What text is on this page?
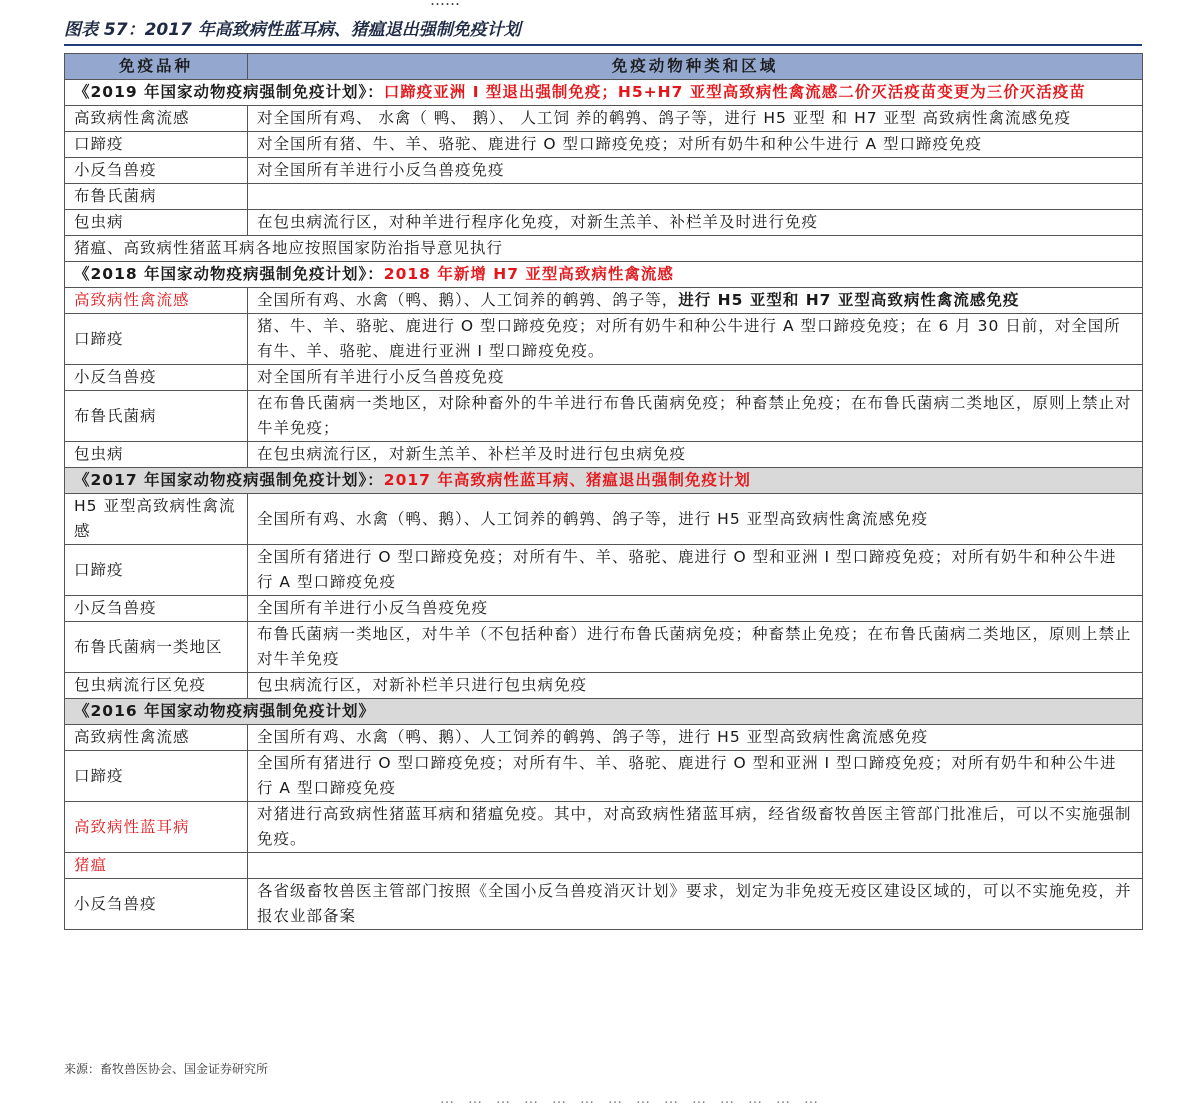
……
图表 57：2017 年高致病性蓝耳病、猪瘟退出强制免疫计划
免疫品种	免疫动物种类和区域
《2019 年国家动物疫病强制免疫计划》：口蹄疫亚洲 I 型退出强制免疫；H5+H7 亚型高致病性禽流感二价灭活疫苗变更为三价灭活疫苗	
高致病性禽流感	对全国所有鸡、 水禽（ 鸭、 鹅）、 人工饲 养的鹌鹑、鸽子等，进行 H5 亚型 和 H7 亚型 高致病性禽流感免疫
口蹄疫	对全国所有猪、牛、羊、骆驼、鹿进行 O 型口蹄疫免疫；对所有奶牛和种公牛进行 A 型口蹄疫免疫
小反刍兽疫	对全国所有羊进行小反刍兽疫免疫
布鲁氏菌病	
包虫病	在包虫病流行区，对种羊进行程序化免疫，对新生羔羊、补栏羊及时进行免疫
猪瘟、高致病性猪蓝耳病各地应按照国家防治指导意见执行	
《2018 年国家动物疫病强制免疫计划》：2018 年新增 H7 亚型高致病性禽流感	
高致病性禽流感	全国所有鸡、水禽（鸭、鹅）、人工饲养的鹌鹑、鸽子等，进行 H5 亚型和 H7 亚型高致病性禽流感免疫
口蹄疫	猪、牛、羊、骆驼、鹿进行 O 型口蹄疫免疫；对所有奶牛和种公牛进行 A 型口蹄疫免疫；在 6 月 30 日前，对全国所有牛、羊、骆驼、鹿进行亚洲 I 型口蹄疫免疫。
小反刍兽疫	对全国所有羊进行小反刍兽疫免疫
布鲁氏菌病	在布鲁氏菌病一类地区，对除种畜外的牛羊进行布鲁氏菌病免疫；种畜禁止免疫；在布鲁氏菌病二类地区，原则上禁止对牛羊免疫；
包虫病	在包虫病流行区，对新生羔羊、补栏羊及时进行包虫病免疫
《2017 年国家动物疫病强制免疫计划》：2017 年高致病性蓝耳病、猪瘟退出强制免疫计划	
H5 亚型高致病性禽流感	全国所有鸡、水禽（鸭、鹅）、人工饲养的鹌鹑、鸽子等，进行 H5 亚型高致病性禽流感免疫
口蹄疫	全国所有猪进行 O 型口蹄疫免疫；对所有牛、羊、骆驼、鹿进行 O 型和亚洲 I 型口蹄疫免疫；对所有奶牛和种公牛进行 A 型口蹄疫免疫
小反刍兽疫	全国所有羊进行小反刍兽疫免疫
布鲁氏菌病一类地区	布鲁氏菌病一类地区，对牛羊（不包括种畜）进行布鲁氏菌病免疫；种畜禁止免疫；在布鲁氏菌病二类地区，原则上禁止对牛羊免疫
包虫病流行区免疫	包虫病流行区，对新补栏羊只进行包虫病免疫
《2016 年国家动物疫病强制免疫计划》	
高致病性禽流感	全国所有鸡、水禽（鸭、鹅）、人工饲养的鹌鹑、鸽子等，进行 H5 亚型高致病性禽流感免疫
口蹄疫	全国所有猪进行 O 型口蹄疫免疫；对所有牛、羊、骆驼、鹿进行 O 型和亚洲 I 型口蹄疫免疫；对所有奶牛和种公牛进行 A 型口蹄疫免疫
高致病性蓝耳病	对猪进行高致病性猪蓝耳病和猪瘟免疫。其中，对高致病性猪蓝耳病，经省级畜牧兽医主管部门批准后，可以不实施强制免疫。
猪瘟	
小反刍兽疫	各省级畜牧兽医主管部门按照《全国小反刍兽疫消灭计划》要求，划定为非免疫无疫区建设区域的，可以不实施免疫，并报农业部备案
来源：畜牧兽医协会、国金证券研究所
……………………………………
